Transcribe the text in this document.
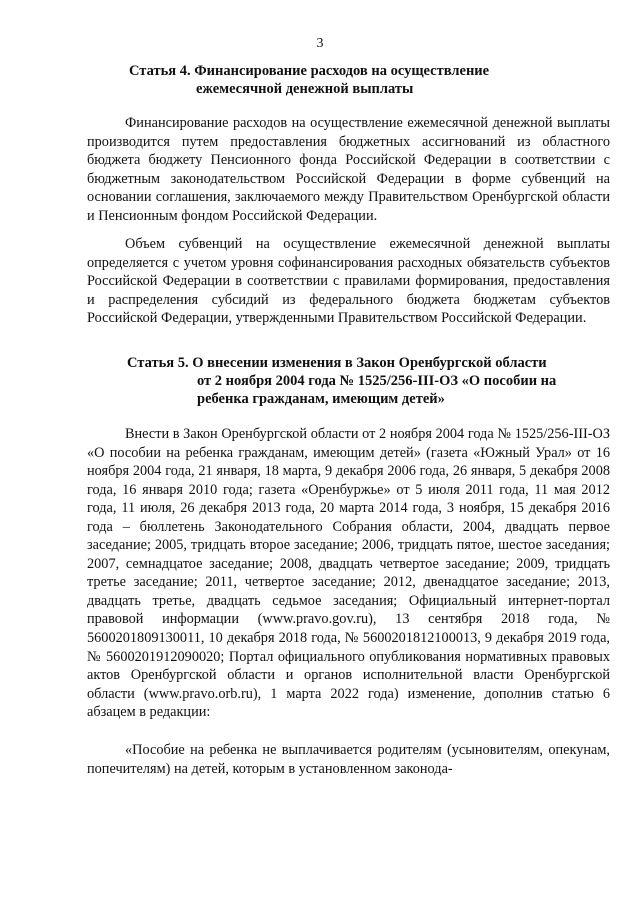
3
Статья 4. Финансирование расходов на осуществление
ежемесячной денежной выплаты

Финансирование расходов на осуществление ежемесячной денежной выплаты производится путем предоставления бюджетных ассигнований из областного бюджета бюджету Пенсионного фонда Российской Федерации в соответствии с бюджетным законодательством Российской Федерации в форме субвенций на основании соглашения, заключаемого между Правительством Оренбургской области и Пенсионным фондом Российской Федерации.

Объем субвенций на осуществление ежемесячной денежной выплаты определяется с учетом уровня софинансирования расходных обязательств субъектов Российской Федерации в соответствии с правилами формирования, предоставления и распределения субсидий из федерального бюджета бюджетам субъектов Российской Федерации, утвержденными Правительством Российской Федерации.

Статья 5. О внесении изменения в Закон Оренбургской области
от 2 ноября 2004 года № 1525/256-III-ОЗ «О пособии на
ребенка гражданам, имеющим детей»

Внести в Закон Оренбургской области от 2 ноября 2004 года № 1525/256-III-ОЗ «О пособии на ребенка гражданам, имеющим детей» (газета «Южный Урал» от 16 ноября 2004 года, 21 января, 18 марта, 9 декабря 2006 года, 26 января, 5 декабря 2008 года, 16 января 2010 года; газета «Оренбуржье» от 5 июля 2011 года, 11 мая 2012 года, 11 июля, 26 декабря 2013 года, 20 марта 2014 года, 3 ноября, 15 декабря 2016 года – бюллетень Законодательного Собрания области, 2004, двадцать первое заседание; 2005, тридцать второе заседание; 2006, тридцать пятое, шестое заседания; 2007, семнадцатое заседание; 2008, двадцать четвертое заседание; 2009, тридцать третье заседание; 2011, четвертое заседание; 2012, двенадцатое заседание; 2013, двадцать третье, двадцать седьмое заседания; Официальный интернет-портал правовой информации (www.pravo.gov.ru), 13 сентября 2018 года, № 5600201809130011, 10 декабря 2018 года, № 5600201812100013, 9 декабря 2019 года, № 5600201912090020; Портал официального опубликования нормативных правовых актов Оренбургской области и органов исполнительной власти Оренбургской области (www.pravo.orb.ru), 1 марта 2022 года) изменение, дополнив статью 6 абзацем в редакции:

«Пособие на ребенка не выплачивается родителям (усыновителям, опекунам, попечителям) на детей, которым в установленном законода-
